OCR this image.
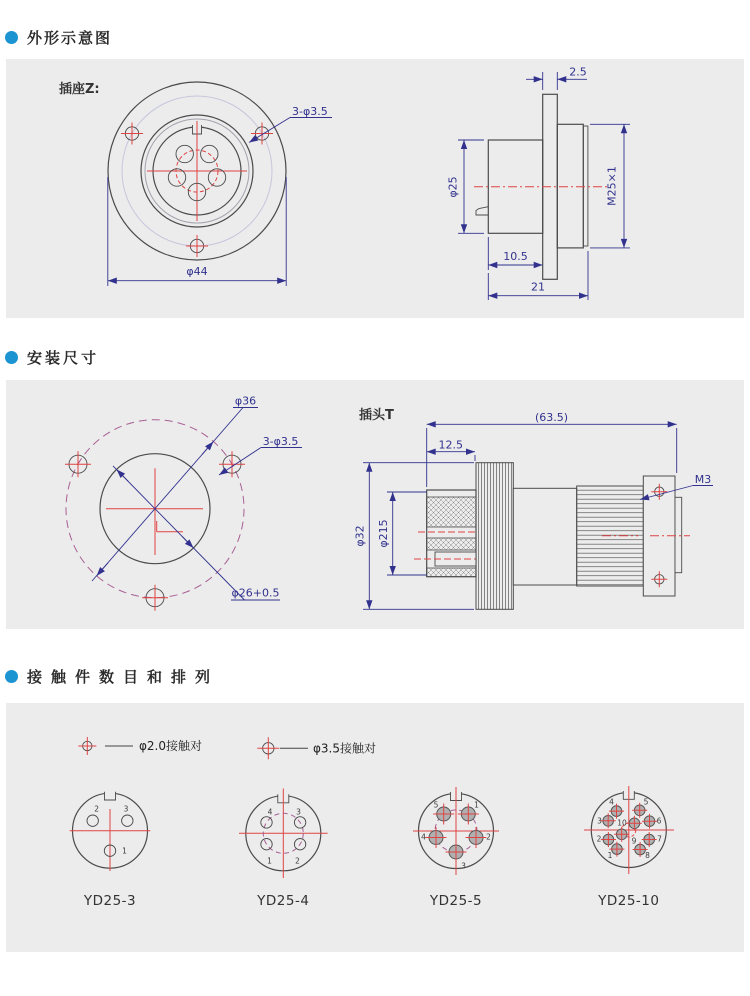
外形示意图
插座Z:
3-φ3.5
φ44
2.5
φ25	M25×1
10.5
21
安装尺寸
φ36
φ26+0.5
3-φ3.5
插头T	(63.5)
12.5
M3
φ32 φ215
接触件数目和排列
φ2.0接触对	φ3.5接触对
2	3
1
YD25-3
4	3
1	2
YD25-4
5	1
4	2
3
YD25-5
4	5
3	6
2	7
1	8
10
9
YD25-10
